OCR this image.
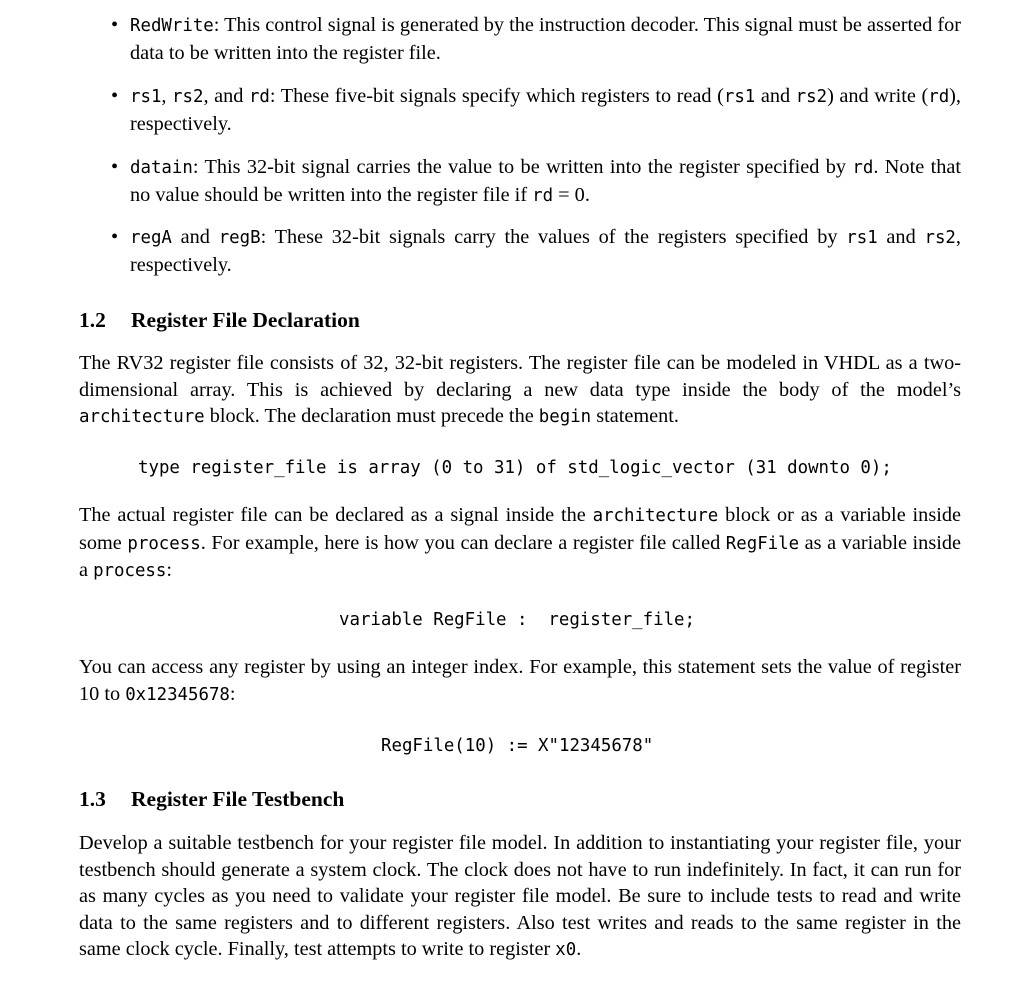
• RedWrite: This control signal is generated by the instruction decoder. This signal must be asserted for data to be written into the register file.
• rs1, rs2, and rd: These five-bit signals specify which registers to read (rs1 and rs2) and write (rd), respectively.
• datain: This 32-bit signal carries the value to be written into the register specified by rd. Note that no value should be written into the register file if rd = 0.
• regA and regB: These 32-bit signals carry the values of the registers specified by rs1 and rs2, respectively.
1.2 Register File Declaration
The RV32 register file consists of 32, 32-bit registers. The register file can be modeled in VHDL as a two-dimensional array. This is achieved by declaring a new data type inside the body of the model’s architecture block. The declaration must precede the begin statement.
type register_file is array (0 to 31) of std_logic_vector (31 downto 0);
The actual register file can be declared as a signal inside the architecture block or as a variable inside some process. For example, here is how you can declare a register file called RegFile as a variable inside a process:
variable RegFile :  register_file;
You can access any register by using an integer index. For example, this statement sets the value of register 10 to 0x12345678:
RegFile(10) := X"12345678"
1.3 Register File Testbench
Develop a suitable testbench for your register file model. In addition to instantiating your register file, your testbench should generate a system clock. The clock does not have to run indefinitely. In fact, it can run for as many cycles as you need to validate your register file model. Be sure to include tests to read and write data to the same registers and to different registers. Also test writes and reads to the same register in the same clock cycle. Finally, test attempts to write to register x0.
